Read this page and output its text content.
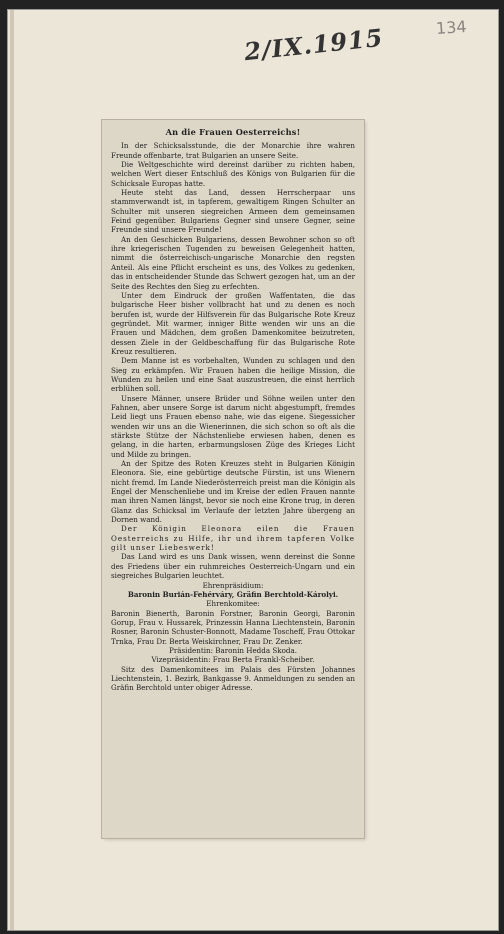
134
2/IX.1915

An die Frauen Oesterreichs!

In der Schicksalsstunde, die der Monarchie ihre wahren Freunde offenbarte, trat Bulgarien an unsere Seite.

Die Weltgeschichte wird dereinst darüber zu richten haben, welchen Wert dieser Entschluß des Königs von Bulgarien für die Schicksale Europas hatte.

Heute steht das Land, dessen Herrscherpaar uns stammverwandt ist, in tapferem, gewaltigem Ringen Schulter an Schulter mit unseren siegreichen Armeen dem gemeinsamen Feind gegenüber. Bulgariens Gegner sind unsere Gegner, seine Freunde sind unsere Freunde!

An den Geschicken Bulgariens, dessen Bewohner schon so oft ihre kriegerischen Tugenden zu beweisen Gelegenheit hatten, nimmt die österreichisch-ungarische Monarchie den regsten Anteil. Als eine Pflicht erscheint es uns, des Volkes zu gedenken, das in entscheidender Stunde das Schwert gezogen hat, um an der Seite des Rechtes den Sieg zu erfechten.

Unter dem Eindruck der großen Waffentaten, die das bulgarische Heer bisher vollbracht hat und zu denen es noch berufen ist, wurde der Hilfsverein für das Bulgarische Rote Kreuz gegründet. Mit warmer, inniger Bitte wenden wir uns an die Frauen und Mädchen, dem großen Damenkomitee beizutreten, dessen Ziele in der Geldbeschaffung für das Bulgarische Rote Kreuz resultieren.

Dem Manne ist es vorbehalten, Wunden zu schlagen und den Sieg zu erkämpfen. Wir Frauen haben die heilige Mission, die Wunden zu heilen und eine Saat auszustreuen, die einst herrlich erblühen soll.

Unsere Männer, unsere Brüder und Söhne weilen unter den Fahnen, aber unsere Sorge ist darum nicht abgestumpft, fremdes Leid liegt uns Frauen ebenso nahe, wie das eigene. Siegessicher wenden wir uns an die Wienerinnen, die sich schon so oft als die stärkste Stütze der Nächstenliebe erwiesen haben, denen es gelang, in die harten, erbarmungslosen Züge des Krieges Licht und Milde zu bringen.

An der Spitze des Roten Kreuzes steht in Bulgarien Königin Eleonora. Sie, eine gebürtige deutsche Fürstin, ist uns Wienern nicht fremd. Im Lande Niederösterreich preist man die Königin als Engel der Menschenliebe und im Kreise der edlen Frauen nannte man ihren Namen längst, bevor sie noch eine Krone trug, in deren Glanz das Schicksal im Verlaufe der letzten Jahre übergeng an Dornen wand.

Der Königin Eleonora eilen die Frauen Oesterreichs zu Hilfe, ihr und ihrem tapferen Volke gilt unser Liebeswerk!

Das Land wird es uns Dank wissen, wenn dereinst die Sonne des Friedens über ein ruhmreiches Oesterreich-Ungarn und ein siegreiches Bulgarien leuchtet.

Ehrenpräsidium:

Baronin Burián-Fehérváry, Gräfin Berchtold-Károlyi.

Ehrenkomitee:

Baronin Bienerth, Baronin Forstner, Baronin Georgi, Baronin Gorup, Frau v. Hussarek, Prinzessin Hanna Liechtenstein, Baronin Rosner, Baronin Schuster-Bonnott, Madame Toscheff, Frau Ottokar Trnka, Frau Dr. Berta Weiskirchner, Frau Dr. Zenker.

Präsidentin: Baronin Hedda Skoda.

Vizepräsidentin: Frau Berta Frankl-Scheiber.

Sitz des Damenkomitees im Palais des Fürsten Johannes Liechtenstein, 1. Bezirk, Bankgasse 9. Anmeldungen zu senden an Gräfin Berchtold unter obiger Adresse.
